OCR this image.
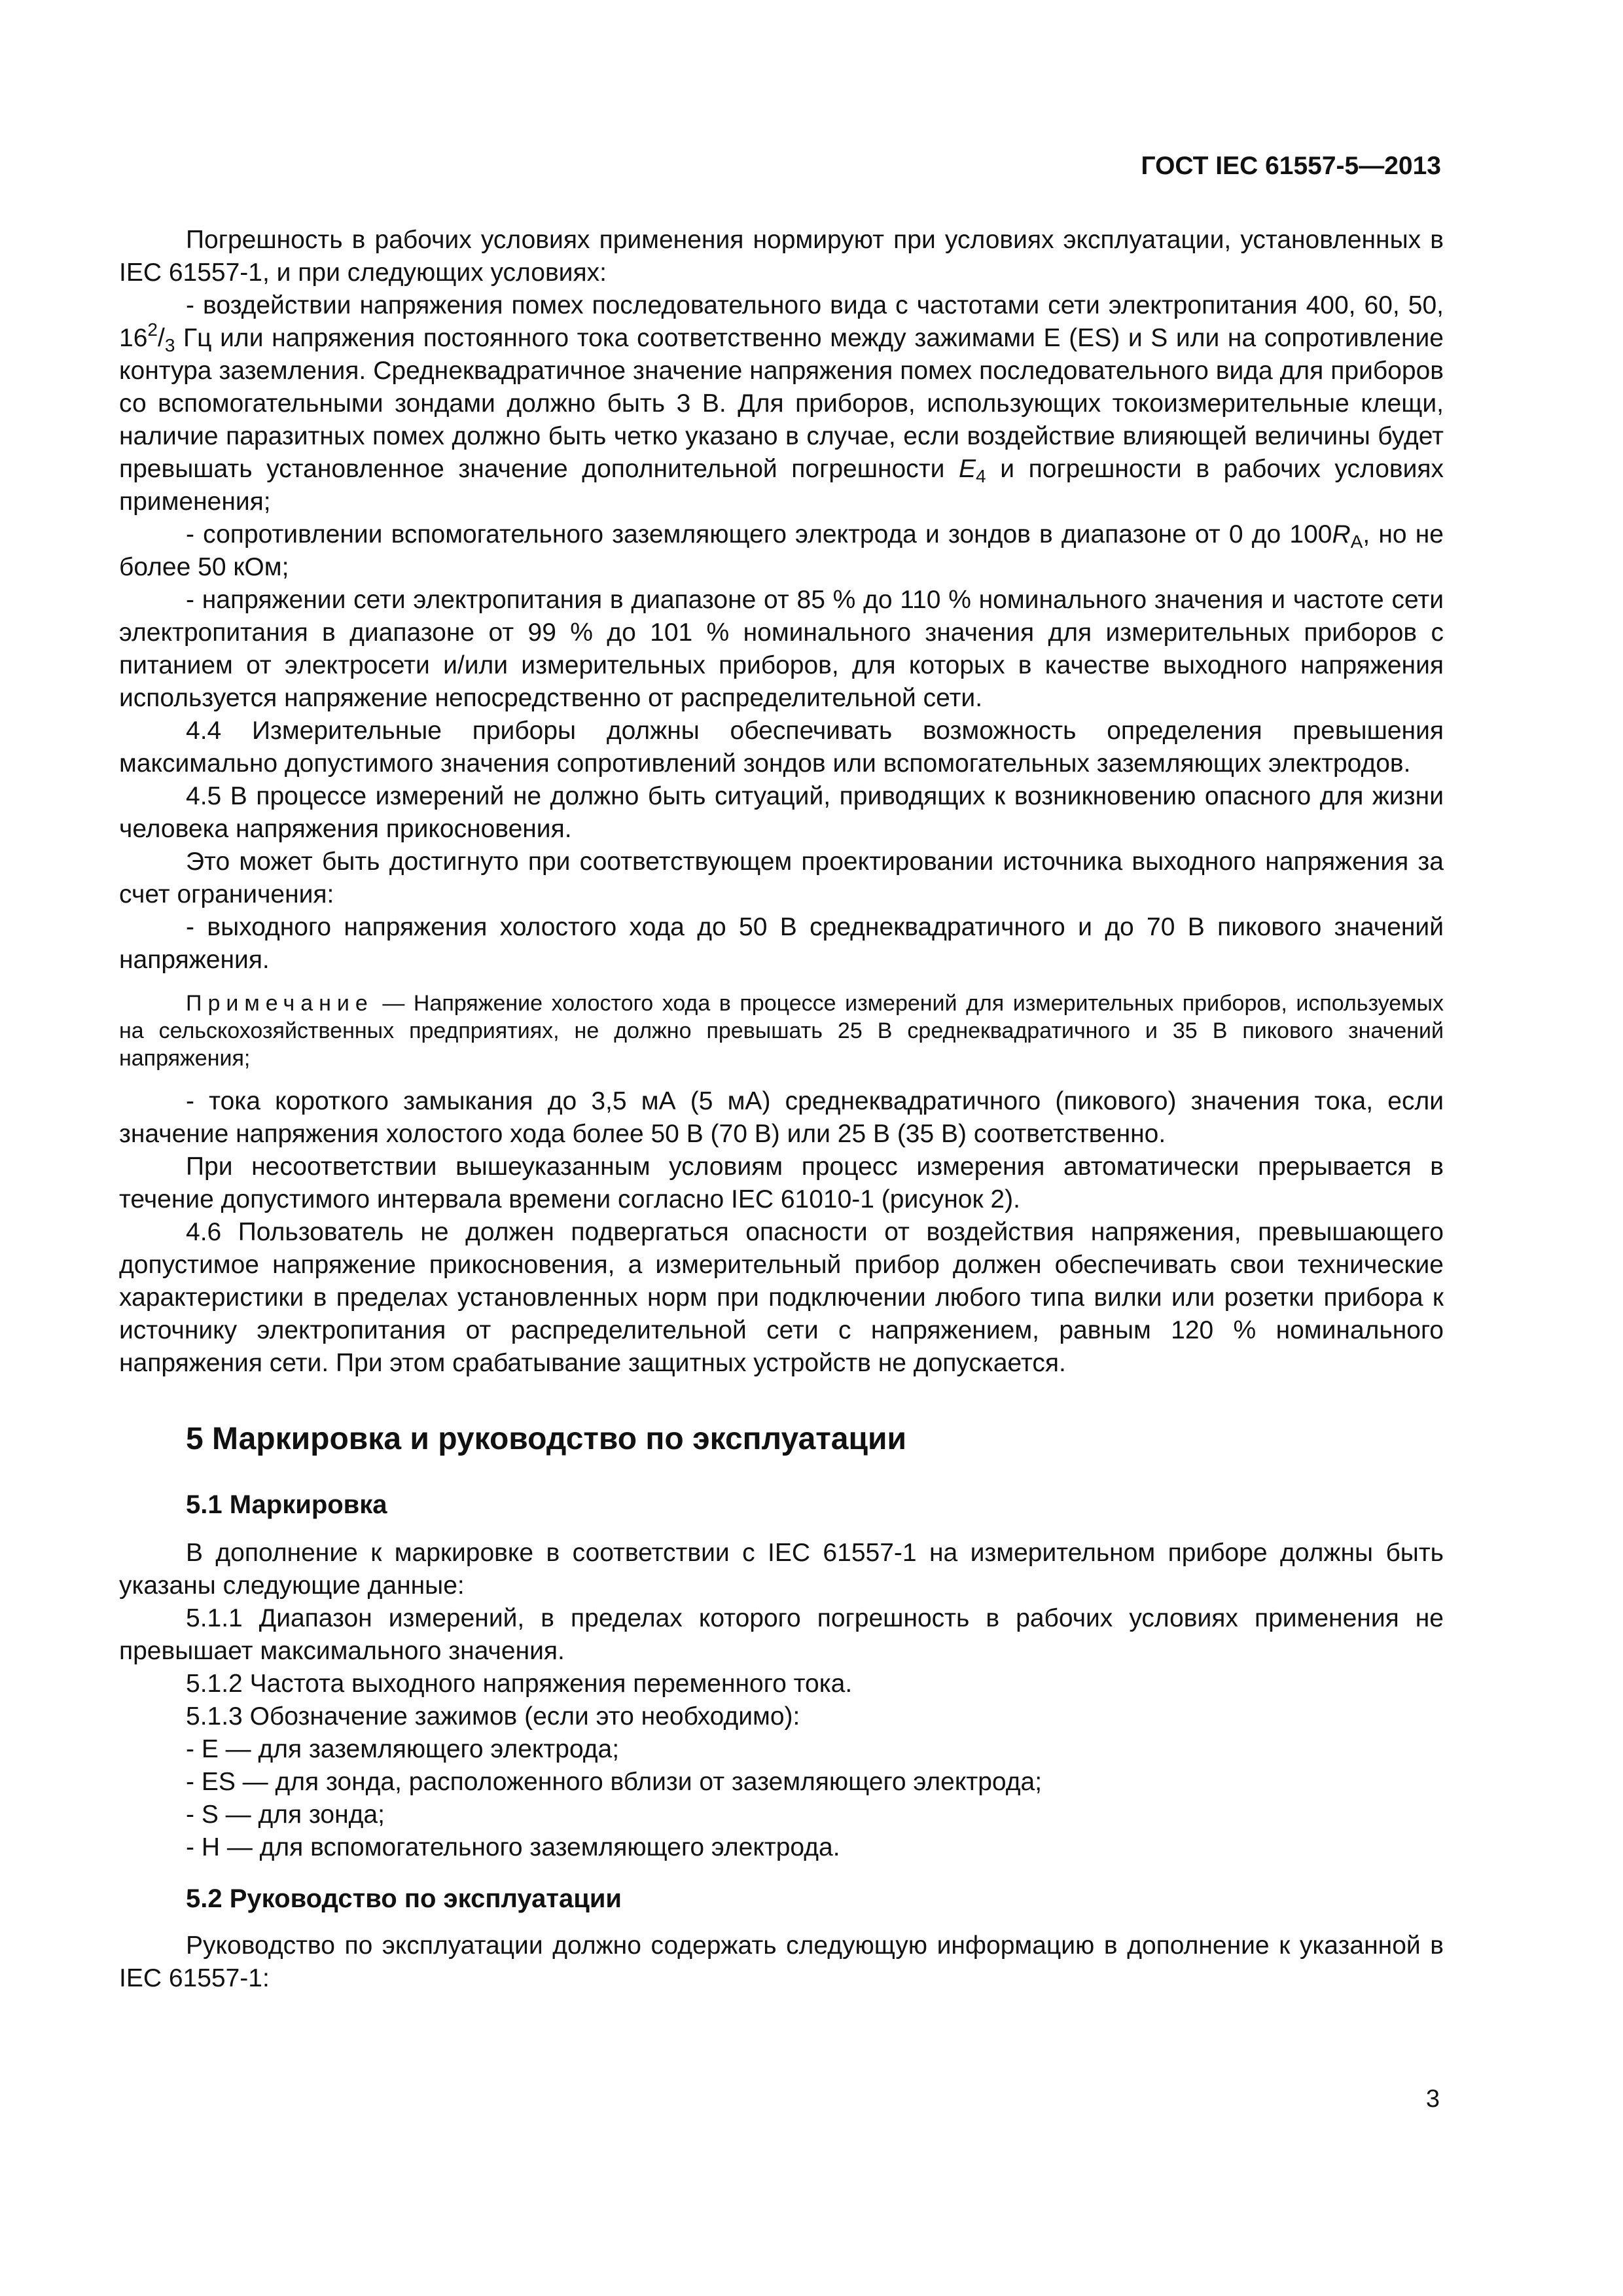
ГОСТ IEC 61557-5—2013

Погрешность в рабочих условиях применения нормируют при условиях эксплуатации, установленных в IEC 61557-1, и при следующих условиях:

- воздействии напряжения помех последовательного вида с частотами сети электропитания 400, 60, 50, $16^2/_3$ Гц или напряжения постоянного тока соответственно между зажимами E (ES) и S или на сопротивление контура заземления. Среднеквадратичное значение напряжения помех последовательного вида для приборов со вспомогательными зондами должно быть 3 В. Для приборов, использующих токоизмерительные клещи, наличие паразитных помех должно быть четко указано в случае, если воздействие влияющей величины будет превышать установленное значение дополнительной погрешности $E_4$ и погрешности в рабочих условиях применения;

- сопротивлении вспомогательного заземляющего электрода и зондов в диапазоне от 0 до $100R_A$, но не более 50 кОм;

- напряжении сети электропитания в диапазоне от 85 % до 110 % номинального значения и частоте сети электропитания в диапазоне от 99 % до 101 % номинального значения для измерительных приборов с питанием от электросети и/или измерительных приборов, для которых в качестве выходного напряжения используется напряжение непосредственно от распределительной сети.

4.4 Измерительные приборы должны обеспечивать возможность определения превышения максимально допустимого значения сопротивлений зондов или вспомогательных заземляющих электродов.

4.5 В процессе измерений не должно быть ситуаций, приводящих к возникновению опасного для жизни человека напряжения прикосновения.

Это может быть достигнуто при соответствующем проектировании источника выходного напряжения за счет ограничения:

- выходного напряжения холостого хода до 50 В среднеквадратичного и до 70 В пикового значений напряжения.

Примечание — Напряжение холостого хода в процессе измерений для измерительных приборов, используемых на сельскохозяйственных предприятиях, не должно превышать 25 В среднеквадратичного и 35 В пикового значений напряжения;

- тока короткого замыкания до 3,5 мА (5 мА) среднеквадратичного (пикового) значения тока, если значение напряжения холостого хода более 50 В (70 В) или 25 В (35 В) соответственно.

При несоответствии вышеуказанным условиям процесс измерения автоматически прерывается в течение допустимого интервала времени согласно IEC 61010-1 (рисунок 2).

4.6 Пользователь не должен подвергаться опасности от воздействия напряжения, превышающего допустимое напряжение прикосновения, а измерительный прибор должен обеспечивать свои технические характеристики в пределах установленных норм при подключении любого типа вилки или розетки прибора к источнику электропитания от распределительной сети с напряжением, равным 120 % номинального напряжения сети. При этом срабатывание защитных устройств не допускается.

5 Маркировка и руководство по эксплуатации

5.1 Маркировка

В дополнение к маркировке в соответствии с IEC 61557-1 на измерительном приборе должны быть указаны следующие данные:

5.1.1 Диапазон измерений, в пределах которого погрешность в рабочих условиях применения не превышает максимального значения.

5.1.2 Частота выходного напряжения переменного тока.

5.1.3 Обозначение зажимов (если это необходимо):

- E — для заземляющего электрода;

- ES — для зонда, расположенного вблизи от заземляющего электрода;

- S — для зонда;

- H — для вспомогательного заземляющего электрода.

5.2 Руководство по эксплуатации

Руководство по эксплуатации должно содержать следующую информацию в дополнение к указанной в IEC 61557-1:

3
